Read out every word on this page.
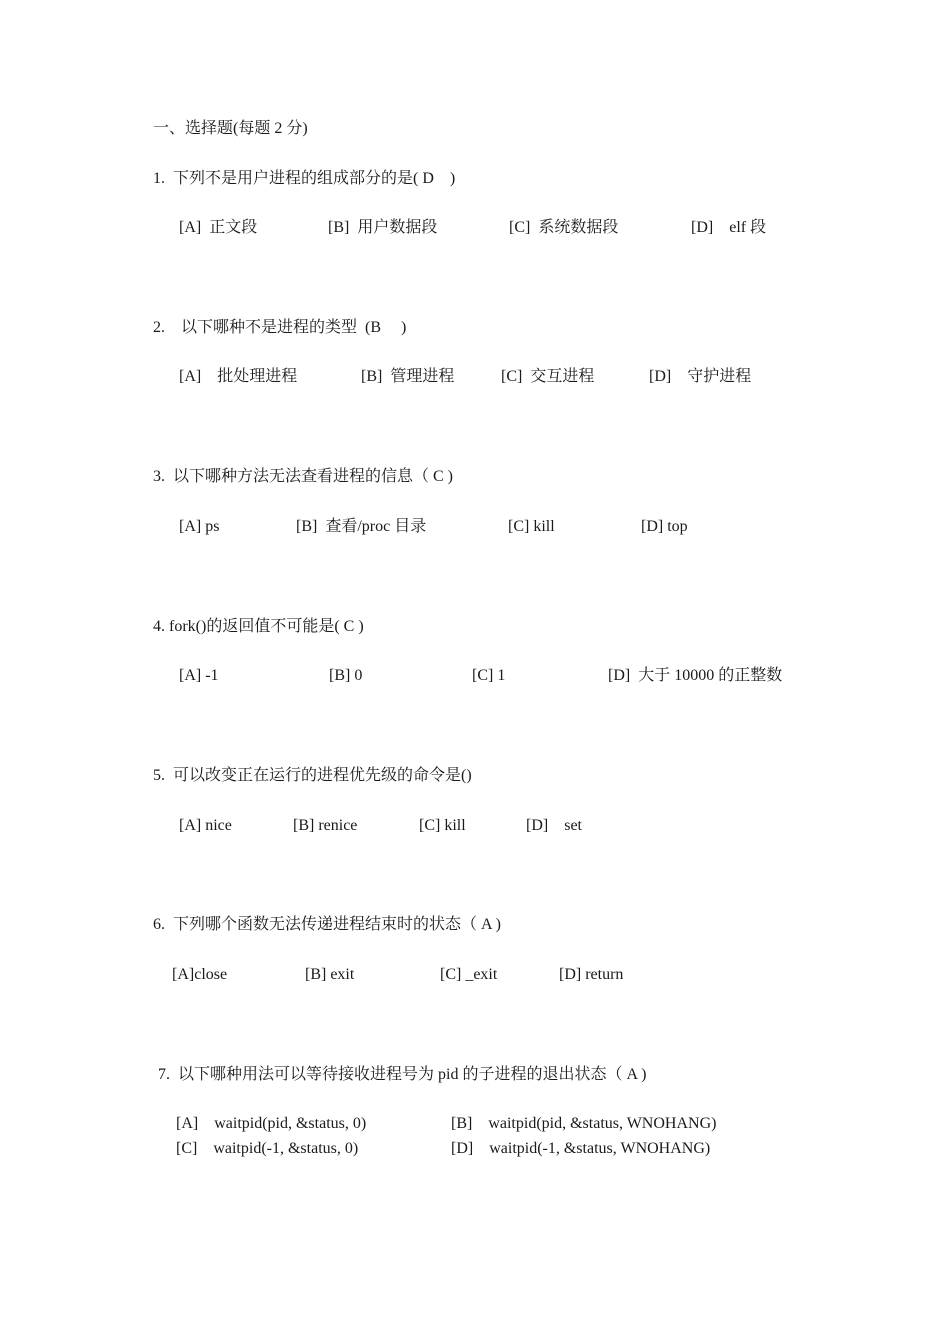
一、选择题(每题 2 分)
1.  下列不是用户进程的组成部分的是( D    )
[A]  正文段	[B]  用户数据段	[C]  系统数据段	[D]    elf 段
2.    以下哪种不是进程的类型  (B     )
[A]    批处理进程	[B]  管理进程	[C]  交互进程	[D]    守护进程
3.  以下哪种方法无法查看进程的信息（ C )
[A] ps	[B]  查看/proc 目录	[C] kill	[D] top
4. fork()的返回值不可能是( C )
[A] -1	[B] 0	[C] 1	[D]  大于 10000 的正整数
5.  可以改变正在运行的进程优先级的命令是()
[A] nice	[B] renice	[C] kill	[D]    set
6.  下列哪个函数无法传递进程结束时的状态（ A )
[A]close	[B] exit	[C] _exit	[D] return
7.  以下哪种用法可以等待接收进程号为 pid 的子进程的退出状态（ A )
[A]    waitpid(pid, &status, 0)	[B]    waitpid(pid, &status, WNOHANG)
[C]    waitpid(-1, &status, 0)	[D]    waitpid(-1, &status, WNOHANG)
